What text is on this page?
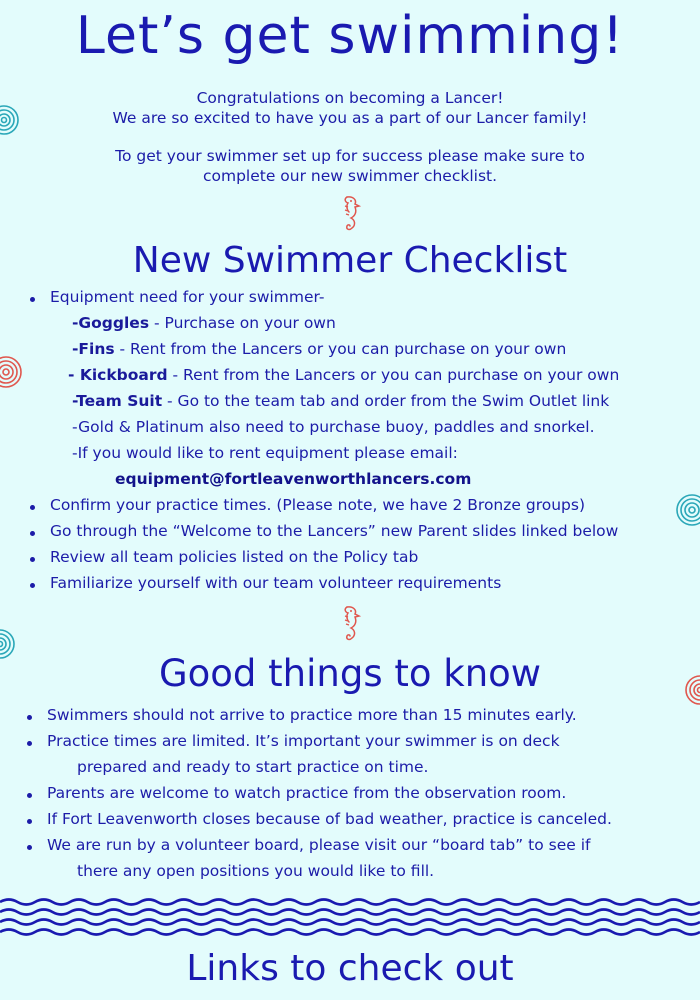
Let’s get swimming!
Congratulations on becoming a Lancer!
We are so excited to have you as a part of our Lancer family!
To get your swimmer set up for success please make sure to
complete our new swimmer checklist.
New Swimmer Checklist
Equipment need for your swimmer-
-Goggles - Purchase on your own
-Fins - Rent from the Lancers or you can purchase on your own
- Kickboard - Rent from the Lancers or you can purchase on your own
-Team Suit - Go to the team tab and order from the Swim Outlet link
-Gold & Platinum also need to purchase buoy, paddles and snorkel.
-If you would like to rent equipment please email:
equipment@fortleavenworthlancers.com
Confirm your practice times. (Please note, we have 2 Bronze groups)
Go through the “Welcome to the Lancers” new Parent slides linked below
Review all team policies listed on the Policy tab
Familiarize yourself with our team volunteer requirements
Good things to know
Swimmers should not arrive to practice more than 15 minutes early.
Practice times are limited. It’s important your swimmer is on deck
prepared and ready to start practice on time.
Parents are welcome to watch practice from the observation room.
If Fort Leavenworth closes because of bad weather, practice is canceled.
We are run by a volunteer board, please visit our “board tab” to see if
there any open positions you would like to fill.
Links to check out
